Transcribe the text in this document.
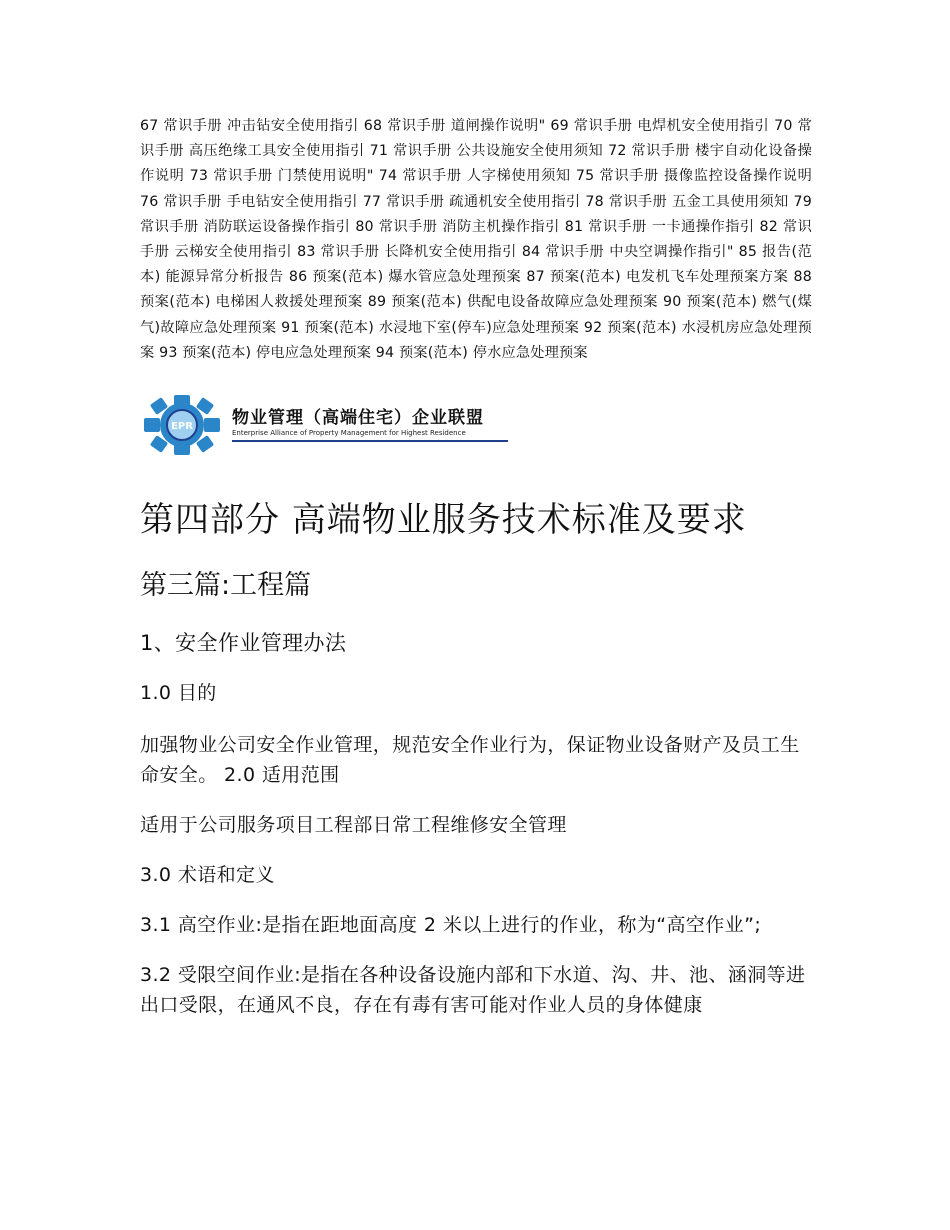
67 常识手册 冲击钻安全使用指引 68 常识手册 道闸操作说明" 69 常识手册 电焊机安全使用指引 70 常识手册 高压绝缘工具安全使用指引 71 常识手册 公共设施安全使用须知 72 常识手册 楼宇自动化设备操作说明 73 常识手册 门禁使用说明" 74 常识手册 人字梯使用须知 75 常识手册 摄像监控设备操作说明 76 常识手册 手电钻安全使用指引 77 常识手册 疏通机安全使用指引 78 常识手册 五金工具使用须知 79 常识手册 消防联运设备操作指引 80 常识手册 消防主机操作指引 81 常识手册 一卡通操作指引 82 常识手册 云梯安全使用指引 83 常识手册 长降机安全使用指引 84 常识手册 中央空调操作指引" 85 报告(范本) 能源异常分析报告 86 预案(范本) 爆水管应急处理预案 87 预案(范本) 电发机飞车处理预案方案 88 预案(范本) 电梯困人救援处理预案 89 预案(范本) 供配电设备故障应急处理预案 90 预案(范本) 燃气(煤气)故障应急处理预案 91 预案(范本) 水浸地下室(停车)应急处理预案 92 预案(范本) 水浸机房应急处理预案 93 预案(范本) 停电应急处理预案 94 预案(范本) 停水应急处理预案

EPR 物业管理（高端住宅）企业联盟
Enterprise Alliance of Property Management for Highest Residence
第四部分 高端物业服务技术标准及要求
第三篇:工程篇

1、安全作业管理办法

1.0 目的

加强物业公司安全作业管理，规范安全作业行为，保证物业设备财产及员工生命安全。 2.0 适用范围

适用于公司服务项目工程部日常工程维修安全管理

3.0 术语和定义

3.1 高空作业:是指在距地面高度 2 米以上进行的作业，称为“高空作业”;

3.2 受限空间作业:是指在各种设备设施内部和下水道、沟、井、池、涵洞等进出口受限，在通风不良，存在有毒有害可能对作业人员的身体健康
